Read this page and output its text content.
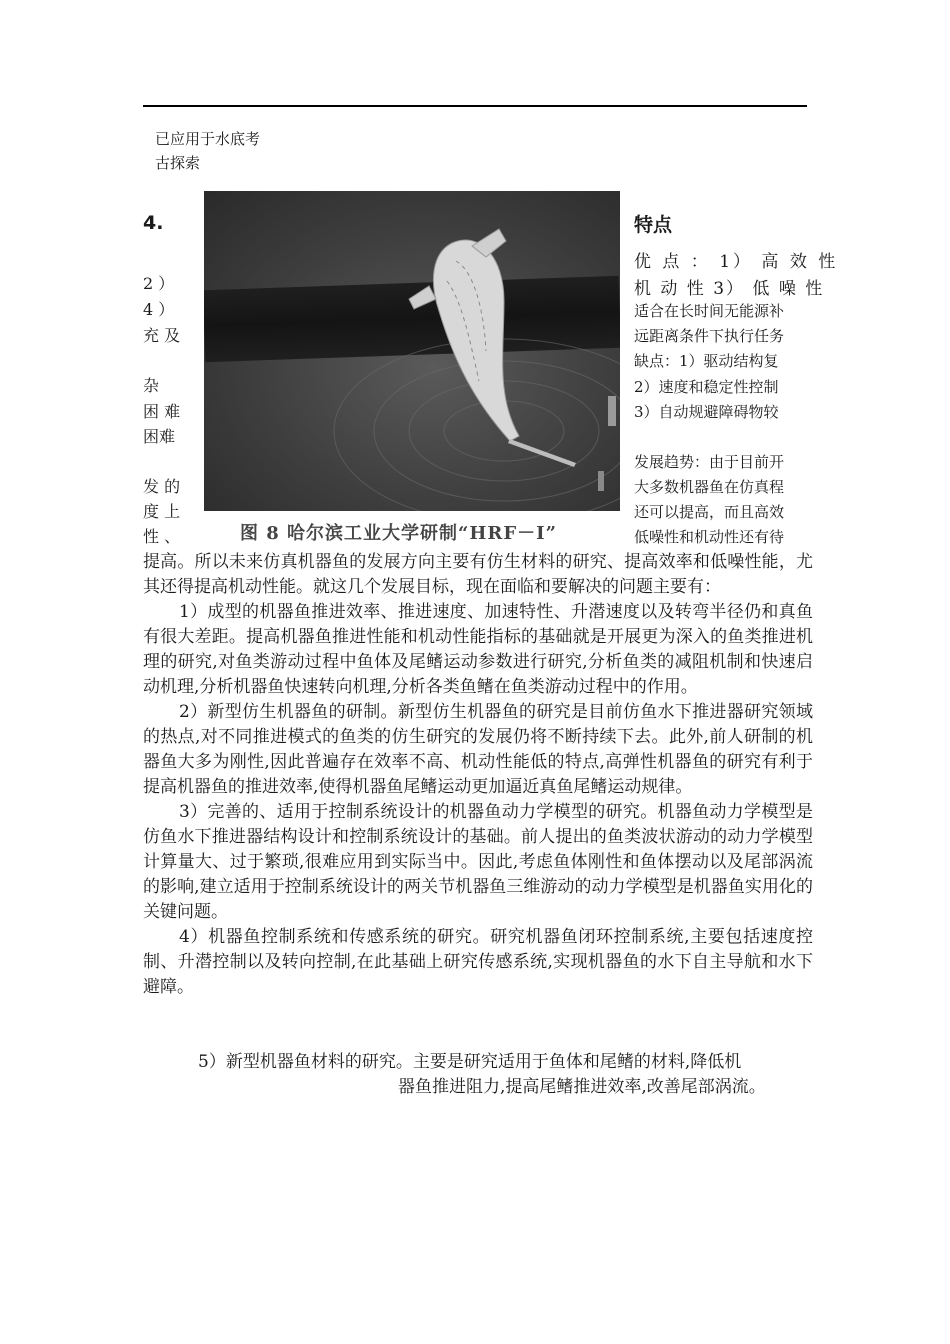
已应用于水底考
古探索
4.	特点
2 ）
4 ）
充 及
杂
困 难
困难
发 的
度 上
性 、
优 点 ： 1） 高 效 性
机 动 性 3） 低 噪 性
适合在长时间无能源补
远距离条件下执行任务
缺点：1）驱动结构复
2）速度和稳定性控制
3）自动规避障碍物较
发展趋势：由于目前开
大多数机器鱼在仿真程
还可以提高，而且高效
低噪性和机动性还有待
图 8 哈尔滨工业大学研制“HRF－Ⅰ”

提高。所以未来仿真机器鱼的发展方向主要有仿生材料的研究、提高效率和低噪性能，尤其还得提高机动性能。就这几个发展目标，现在面临和要解决的问题主要有：

1）成型的机器鱼推进效率、推进速度、加速特性、升潜速度以及转弯半径仍和真鱼有很大差距。提高机器鱼推进性能和机动性能指标的基础就是开展更为深入的鱼类推进机理的研究,对鱼类游动过程中鱼体及尾鳍运动参数进行研究,分析鱼类的减阻机制和快速启动机理,分析机器鱼快速转向机理,分析各类鱼鳍在鱼类游动过程中的作用。

2）新型仿生机器鱼的研制。新型仿生机器鱼的研究是目前仿鱼水下推进器研究领域的热点,对不同推进模式的鱼类的仿生研究的发展仍将不断持续下去。此外,前人研制的机器鱼大多为刚性,因此普遍存在效率不高、机动性能低的特点,高弹性机器鱼的研究有利于提高机器鱼的推进效率,使得机器鱼尾鳍运动更加逼近真鱼尾鳍运动规律。

3）完善的、适用于控制系统设计的机器鱼动力学模型的研究。机器鱼动力学模型是仿鱼水下推进器结构设计和控制系统设计的基础。前人提出的鱼类波状游动的动力学模型计算量大、过于繁琐,很难应用到实际当中。因此,考虑鱼体刚性和鱼体摆动以及尾部涡流的影响,建立适用于控制系统设计的两关节机器鱼三维游动的动力学模型是机器鱼实用化的关键问题。

4）机器鱼控制系统和传感系统的研究。研究机器鱼闭环控制系统,主要包括速度控制、升潜控制以及转向控制,在此基础上研究传感系统,实现机器鱼的水下自主导航和水下避障。

5）新型机器鱼材料的研究。主要是研究适用于鱼体和尾鳍的材料,降低机
器鱼推进阻力,提高尾鳍推进效率,改善尾部涡流。
